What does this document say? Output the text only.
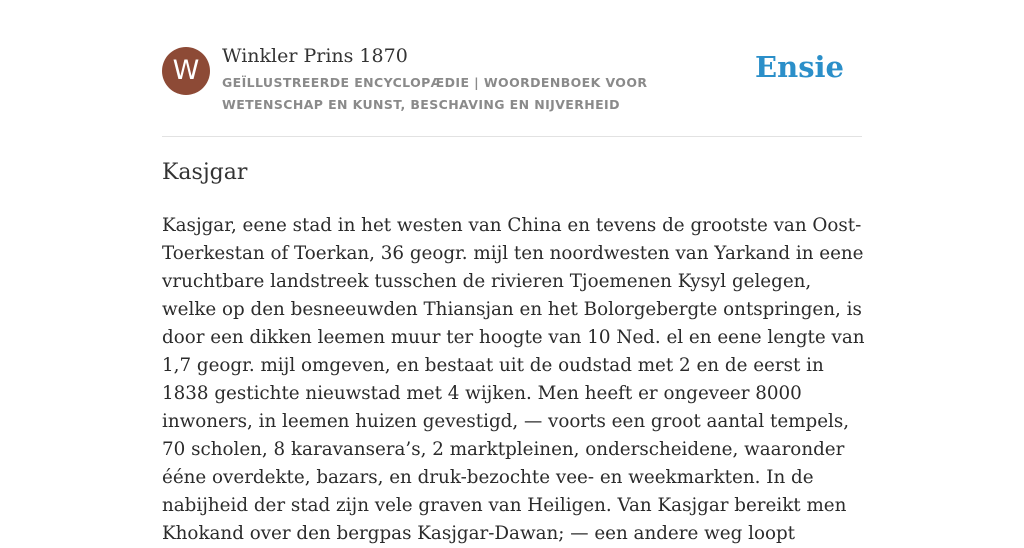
W	Winkler Prins 1870
GEÏLLUSTREERDE ENCYCLOPÆDIE | WOORDENBOEK VOOR WETENSCHAP EN KUNST, BESCHAVING EN NIJVERHEID
Ensie
Kasjgar

Kasjgar, eene stad in het westen van China en tevens de grootste van Oost-Toerkestan of Toerkan, 36 geogr. mijl ten noordwesten van Yarkand in eene vruchtbare landstreek tusschen de rivieren Tjoemenen Kysyl gelegen, welke op den besneeuwden Thiansjan en het Bolorgebergte ontspringen, is door een dikken leemen muur ter hoogte van 10 Ned. el en eene lengte van 1,7 geogr. mijl omgeven, en bestaat uit de oudstad met 2 en de eerst in 1838 gestichte nieuwstad met 4 wijken. Men heeft er ongeveer 8000 inwoners, in leemen huizen gevestigd, — voorts een groot aantal tempels, 70 scholen, 8 karavansera’s, 2 marktpleinen, onderscheidene, waaronder ééne overdekte, bazars, en druk-bezochte vee- en weekmarkten. In de nabijheid der stad zijn vele graven van Heiligen. Van Kasjgar bereikt men Khokand over den bergpas Kasjgar-Dawan; — een andere weg loopt
